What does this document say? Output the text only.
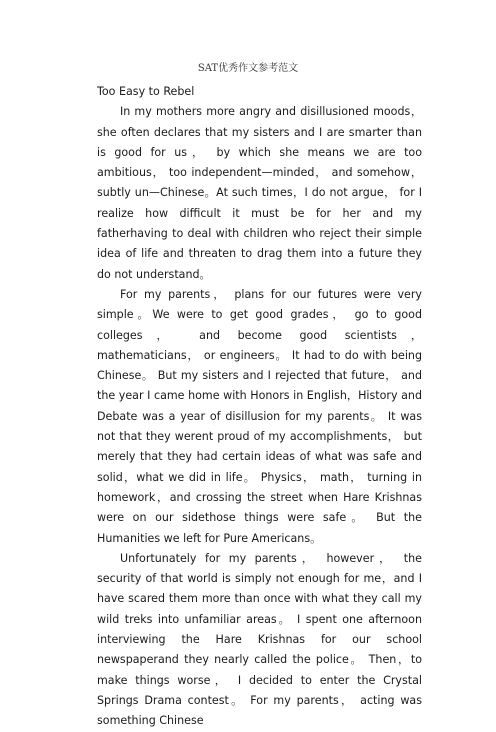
SAT优秀作文参考范文

Too Easy to Rebel

In my mothers more angry and disillusioned moods， she often declares that my sisters and I are smarter than is good for us， by which she means we are too ambitious， too independent—minded， and somehow， subtly un—Chinese。At such times，I do not argue， for I realize how difficult it must be for her and my fatherhaving to deal with children who reject their simple idea of life and threaten to drag them into a future they do not understand。

For my parents， plans for our futures were very simple。We were to get good grades， go to good colleges， and become good scientists， mathematicians， or engineers。 It had to do with being Chinese。 But my sisters and I rejected that future， and the year I came home with Honors in English，History and Debate was a year of disillusion for my parents。 It was not that they werent proud of my accomplishments， but merely that they had certain ideas of what was safe and solid，what we did in life。 Physics， math， turning in homework，and crossing the street when Hare Krishnas were on our sidethose things were safe。 But the Humanities we left for Pure Americans。

Unfortunately for my parents， however， the security of that world is simply not enough for me，and I have scared them more than once with what they call my wild treks into unfamiliar areas。 I spent one afternoon interviewing the Hare Krishnas for our school newspaperand they nearly called the police。 Then，to make things worse， I decided to enter the Crystal Springs Drama contest。 For my parents， acting was something Chinese
